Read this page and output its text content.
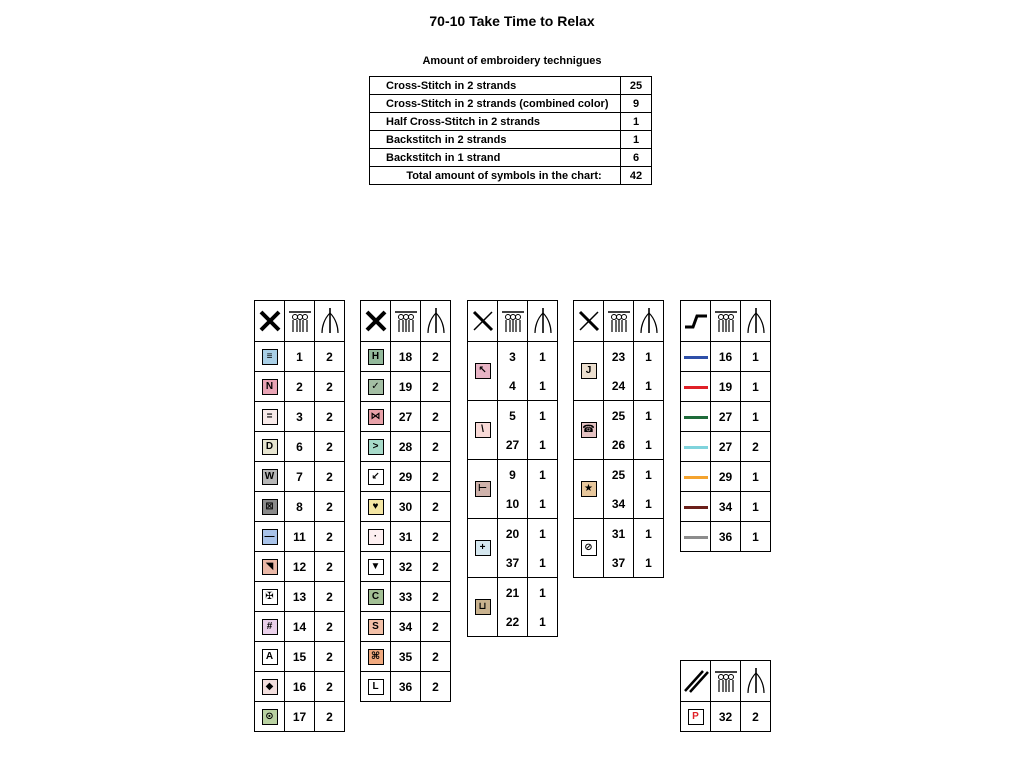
70-10 Take Time to Relax
Amount of embroidery technigues
Cross-Stitch in 2 strands	25
Cross-Stitch in 2 strands (combined color)	9
Half Cross-Stitch in 2 strands	1
Backstitch in 2 strands	1
Backstitch in 1 strand	6
Total amount of symbols in the chart:	42

≡	1	2
N	2	2
=	3	2
D	6	2
W	7	2
⊠	8	2
—	11	2
◥	12	2
✠	13	2
#	14	2
A	15	2
◆	16	2
⊙	17	2

H	18	2
✓	19	2
⋈	27	2
>	28	2
↙	29	2
♥	30	2
·	31	2
▼	32	2
C	33	2
S	34	2
⌘	35	2
L	36	2

↖	3	1
	4	1
\	5	1
	27	1
⊢	9	1
	10	1
+	20	1
	37	1
⊔	21	1
	22	1

J	23	1
	24	1
☎	25	1
	26	1
★	25	1
	34	1
⊘	31	1
	37	1

	16	1
	19	1
	27	1
	27	2
	29	1
	34	1
	36	1

P	32	2
